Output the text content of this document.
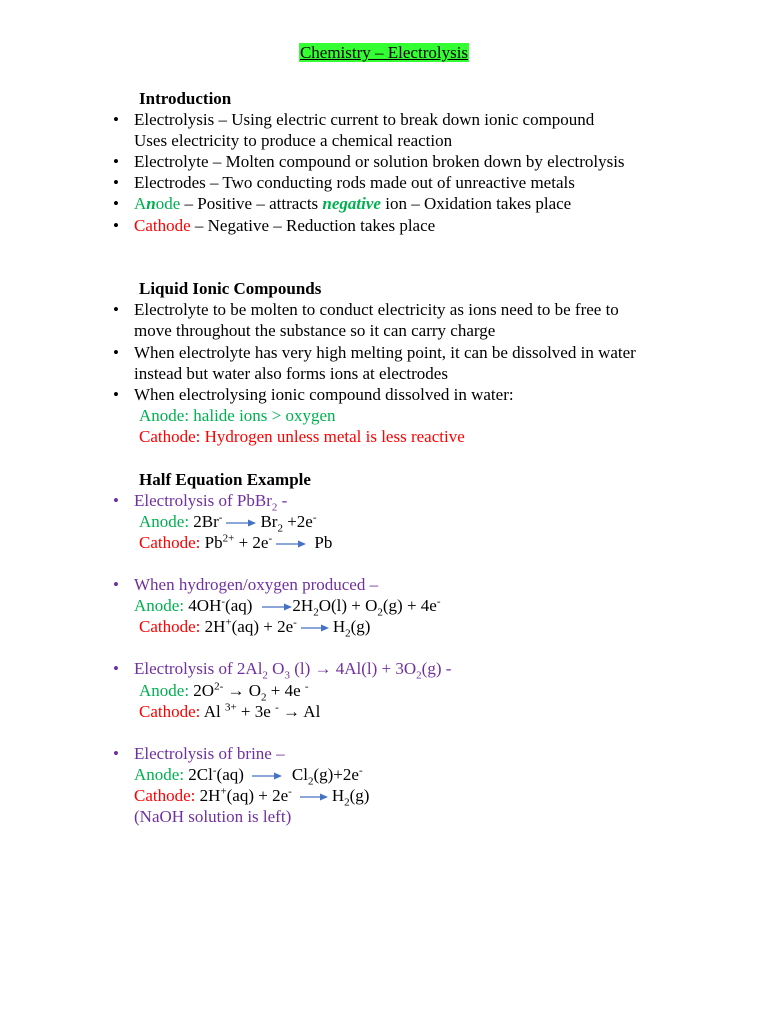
Chemistry – Electrolysis
Introduction
•
Electrolysis – Using electric current to break down ionic compound
Uses electricity to produce a chemical reaction
•
Electrolyte – Molten compound or solution broken down by electrolysis
•
Electrodes – Two conducting rods made out of unreactive metals
•
Anode – Positive – attracts negative ion – Oxidation takes place
•
Cathode – Negative – Reduction takes place
Liquid Ionic Compounds
•
Electrolyte to be molten to conduct electricity as ions need to be free to
move throughout the substance so it can carry charge
•
When electrolyte has very high melting point, it can be dissolved in water
instead but water also forms ions at electrodes
•
When electrolysing ionic compound dissolved in water:
Anode: halide ions > oxygen
Cathode: Hydrogen unless metal is less reactive
Half Equation Example
•
Electrolysis of PbBr$_2$ -
Anode: 2Br- $Br_2 +2e^-$
Cathode: $Pb^{2+} + 2e^-$
Pb
•
When hydrogen/oxygen produced –
Anode: 4OH-(aq) $2H_2O(l) + O_2(g) + 4e^-$
Cathode: 2H+(aq) + 2e- $H_2(g)$
•
Electrolysis of $2Al_2$ $O_3$ $(l) \to 4Al(l) + 3O_2(g)$ -
Anode: $2O^{2-} \to O_2 + 4e$ -
Cathode: Al $^{3+}$ + 3e - → Al
•
Electrolysis of brine –
Anode: 2Cl-(aq)	$Cl_2(g)+2e^-$
Cathode: 2H+(aq) + 2e- $H_2(g)$
(NaOH solution is left)
